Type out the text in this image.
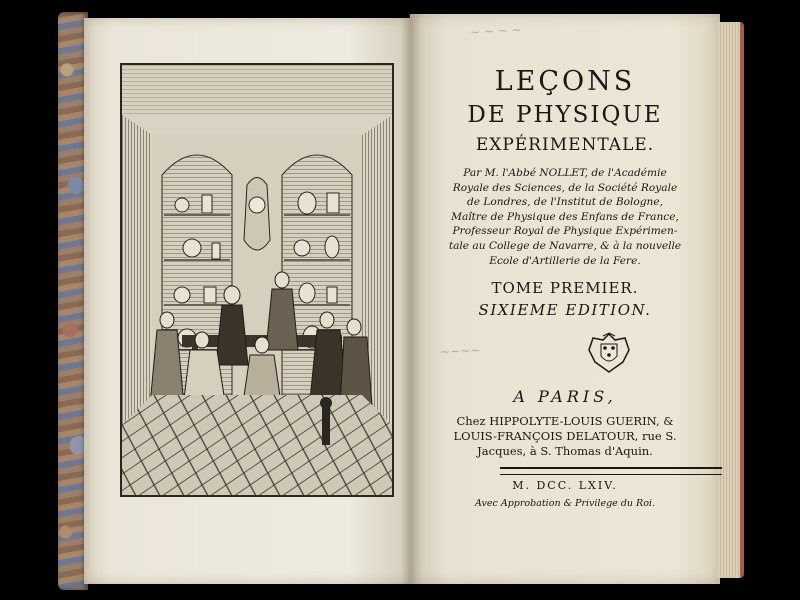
~ ~ ~ ~
LEÇONS
DE PHYSIQUE
EXPÉRIMENTALE.
Par M. l'Abbé NOLLET, de l'Académie
Royale des Sciences, de la Société Royale
de Londres, de l'Institut de Bologne,
Maître de Physique des Enfans de France,
Professeur Royal de Physique Expérimen-
tale au College de Navarre, & à la nouvelle
Ecole d'Artillerie de la Fere.
TOME PREMIER.
SIXIEME EDITION.
~~~~
A PARIS,
Chez HIPPOLYTE-LOUIS GUERIN, &
LOUIS-FRANÇOIS DELATOUR, rue S.
Jacques, à S. Thomas d'Aquin.
M. DCC. LXIV.
Avec Approbation & Privilege du Roi.
